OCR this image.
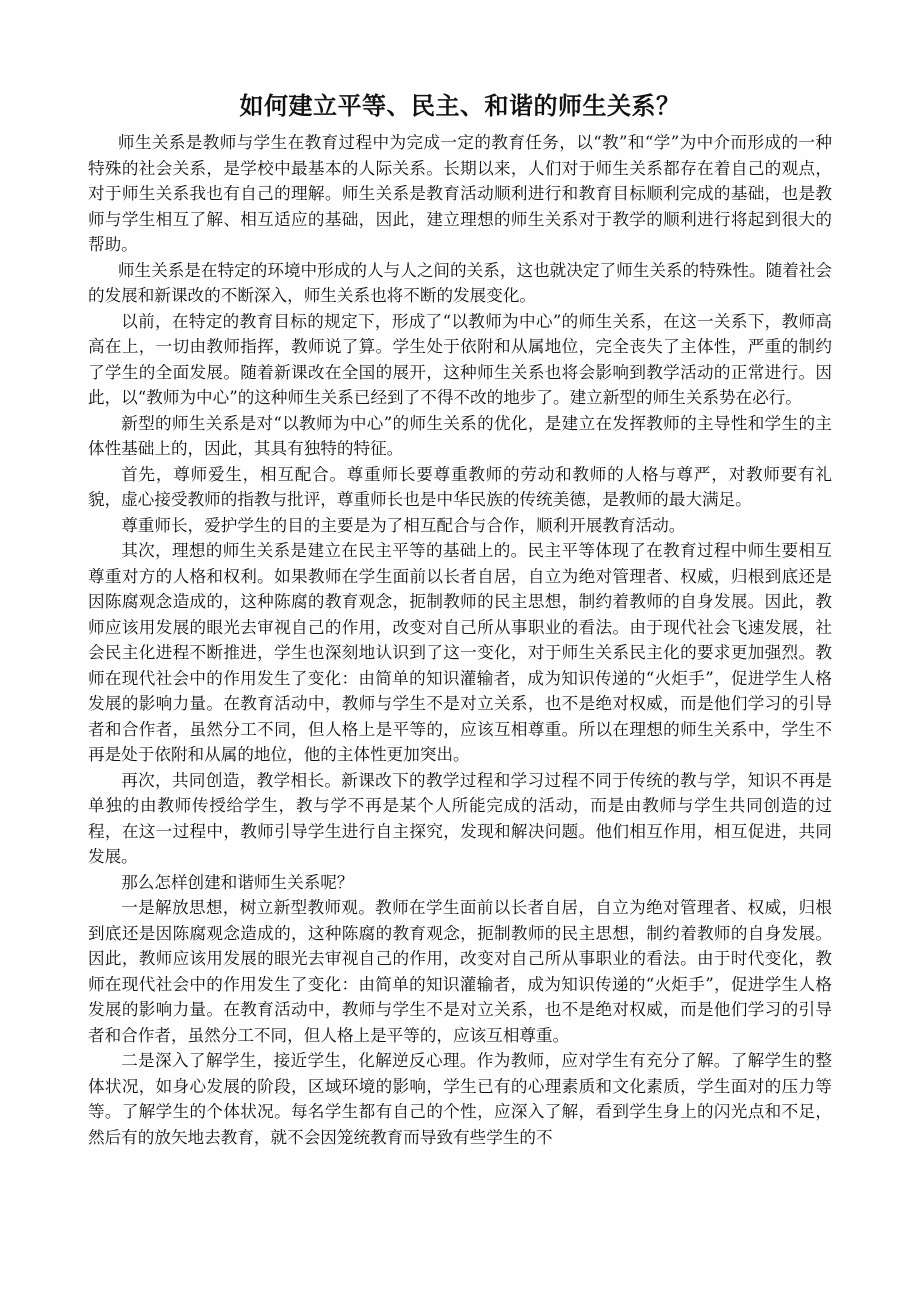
如何建立平等、民主、和谐的师生关系？

师生关系是教师与学生在教育过程中为完成一定的教育任务，以“教”和“学”为中介而形成的一种特殊的社会关系，是学校中最基本的人际关系。长期以来，人们对于师生关系都存在着自己的观点，对于师生关系我也有自己的理解。师生关系是教育活动顺利进行和教育目标顺利完成的基础，也是教师与学生相互了解、相互适应的基础，因此，建立理想的师生关系对于教学的顺利进行将起到很大的帮助。

师生关系是在特定的环境中形成的人与人之间的关系，这也就决定了师生关系的特殊性。随着社会的发展和新课改的不断深入，师生关系也将不断的发展变化。

以前，在特定的教育目标的规定下，形成了“以教师为中心”的师生关系，在这一关系下，教师高高在上，一切由教师指挥，教师说了算。学生处于依附和从属地位，完全丧失了主体性，严重的制约了学生的全面发展。随着新课改在全国的展开，这种师生关系也将会影响到教学活动的正常进行。因此，以“教师为中心”的这种师生关系已经到了不得不改的地步了。建立新型的师生关系势在必行。

新型的师生关系是对“以教师为中心”的师生关系的优化，是建立在发挥教师的主导性和学生的主体性基础上的，因此，其具有独特的特征。

首先，尊师爱生，相互配合。尊重师长要尊重教师的劳动和教师的人格与尊严，对教师要有礼貌，虚心接受教师的指教与批评，尊重师长也是中华民族的传统美德，是教师的最大满足。

尊重师长，爱护学生的目的主要是为了相互配合与合作，顺利开展教育活动。

其次，理想的师生关系是建立在民主平等的基础上的。民主平等体现了在教育过程中师生要相互尊重对方的人格和权利。如果教师在学生面前以长者自居，自立为绝对管理者、权威，归根到底还是因陈腐观念造成的，这种陈腐的教育观念，扼制教师的民主思想，制约着教师的自身发展。因此，教师应该用发展的眼光去审视自己的作用，改变对自己所从事职业的看法。由于现代社会飞速发展，社会民主化进程不断推进，学生也深刻地认识到了这一变化，对于师生关系民主化的要求更加强烈。教师在现代社会中的作用发生了变化：由简单的知识灌输者，成为知识传递的“火炬手”，促进学生人格发展的影响力量。在教育活动中，教师与学生不是对立关系，也不是绝对权威，而是他们学习的引导者和合作者，虽然分工不同，但人格上是平等的，应该互相尊重。所以在理想的师生关系中，学生不再是处于依附和从属的地位，他的主体性更加突出。

再次，共同创造，教学相长。新课改下的教学过程和学习过程不同于传统的教与学，知识不再是单独的由教师传授给学生，教与学不再是某个人所能完成的活动，而是由教师与学生共同创造的过程，在这一过程中，教师引导学生进行自主探究，发现和解决问题。他们相互作用，相互促进，共同发展。

那么怎样创建和谐师生关系呢？

一是解放思想，树立新型教师观。教师在学生面前以长者自居，自立为绝对管理者、权威，归根到底还是因陈腐观念造成的，这种陈腐的教育观念，扼制教师的民主思想，制约着教师的自身发展。因此，教师应该用发展的眼光去审视自己的作用，改变对自己所从事职业的看法。由于时代变化，教师在现代社会中的作用发生了变化：由简单的知识灌输者，成为知识传递的“火炬手”，促进学生人格发展的影响力量。在教育活动中，教师与学生不是对立关系，也不是绝对权威，而是他们学习的引导者和合作者，虽然分工不同，但人格上是平等的，应该互相尊重。

二是深入了解学生，接近学生，化解逆反心理。作为教师，应对学生有充分了解。了解学生的整体状况，如身心发展的阶段，区域环境的影响，学生已有的心理素质和文化素质，学生面对的压力等等。了解学生的个体状况。每名学生都有自己的个性，应深入了解，看到学生身上的闪光点和不足，然后有的放矢地去教育，就不会因笼统教育而导致有些学生的不
